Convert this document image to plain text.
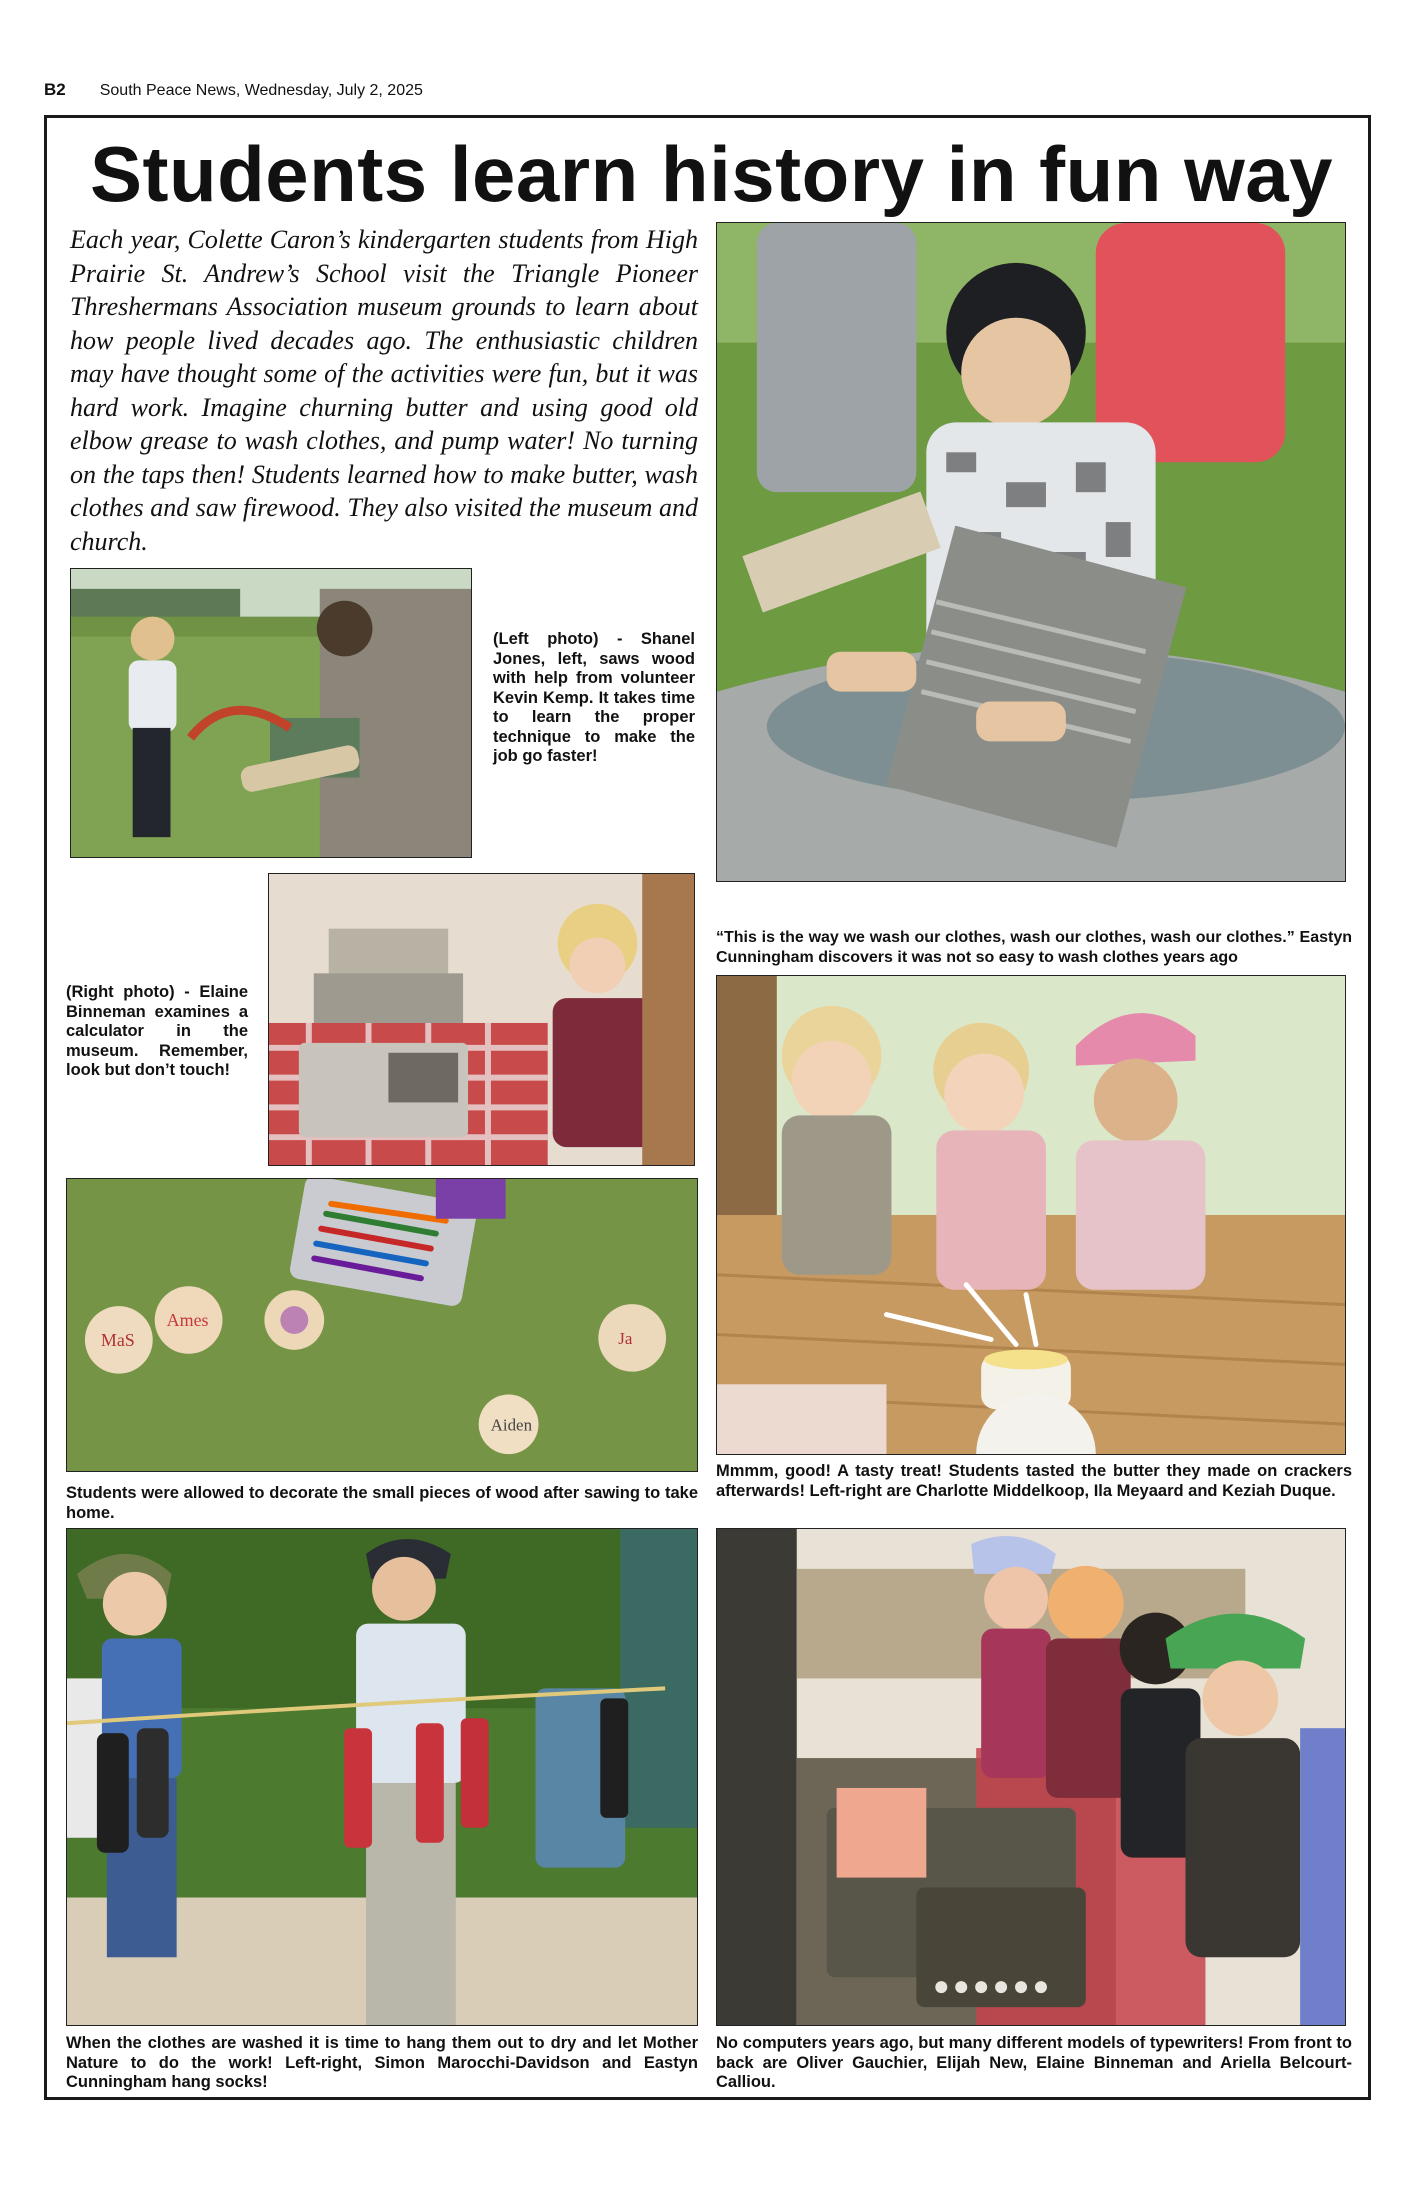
B2 South Peace News, Wednesday, July 2, 2025
Students learn history in fun way
Each year, Colette Caron’s kindergarten students from High Prairie St. Andrew’s School visit the Triangle Pioneer Threshermans Association museum grounds to learn about how people lived decades ago. The enthusiastic children may have thought some of the activities were fun, but it was hard work. Imagine churning butter and using good old elbow grease to wash clothes, and pump water! No turning on the taps then! Students learned how to make butter, wash clothes and saw firewood. They also visited the museum and church.
(Left photo) - Shanel Jones, left, saws wood with help from volunteer Kevin Kemp. It takes time to learn the proper technique to make the job go faster!
(Right photo) - Elaine Binneman examines a calculator in the museum. Remember, look but don’t touch!
MaS
Ames
Aiden
Ja
Students were allowed to decorate the small pieces of wood after sawing to take home.
When the clothes are washed it is time to hang them out to dry and let Mother Nature to do the work! Left-right, Simon Marocchi-Davidson and Eastyn Cunningham hang socks!
“This is the way we wash our clothes, wash our clothes, wash our clothes.” Eastyn Cunningham discovers it was not so easy to wash clothes years ago
Mmmm, good! A tasty treat! Students tasted the butter they made on crackers afterwards! Left-right are Charlotte Middelkoop, Ila Meyaard and Keziah Duque.
No computers years ago, but many different models of typewriters! From front to back are Oliver Gauchier, Elijah New, Elaine Binneman and Ariella Belcourt-Calliou.
